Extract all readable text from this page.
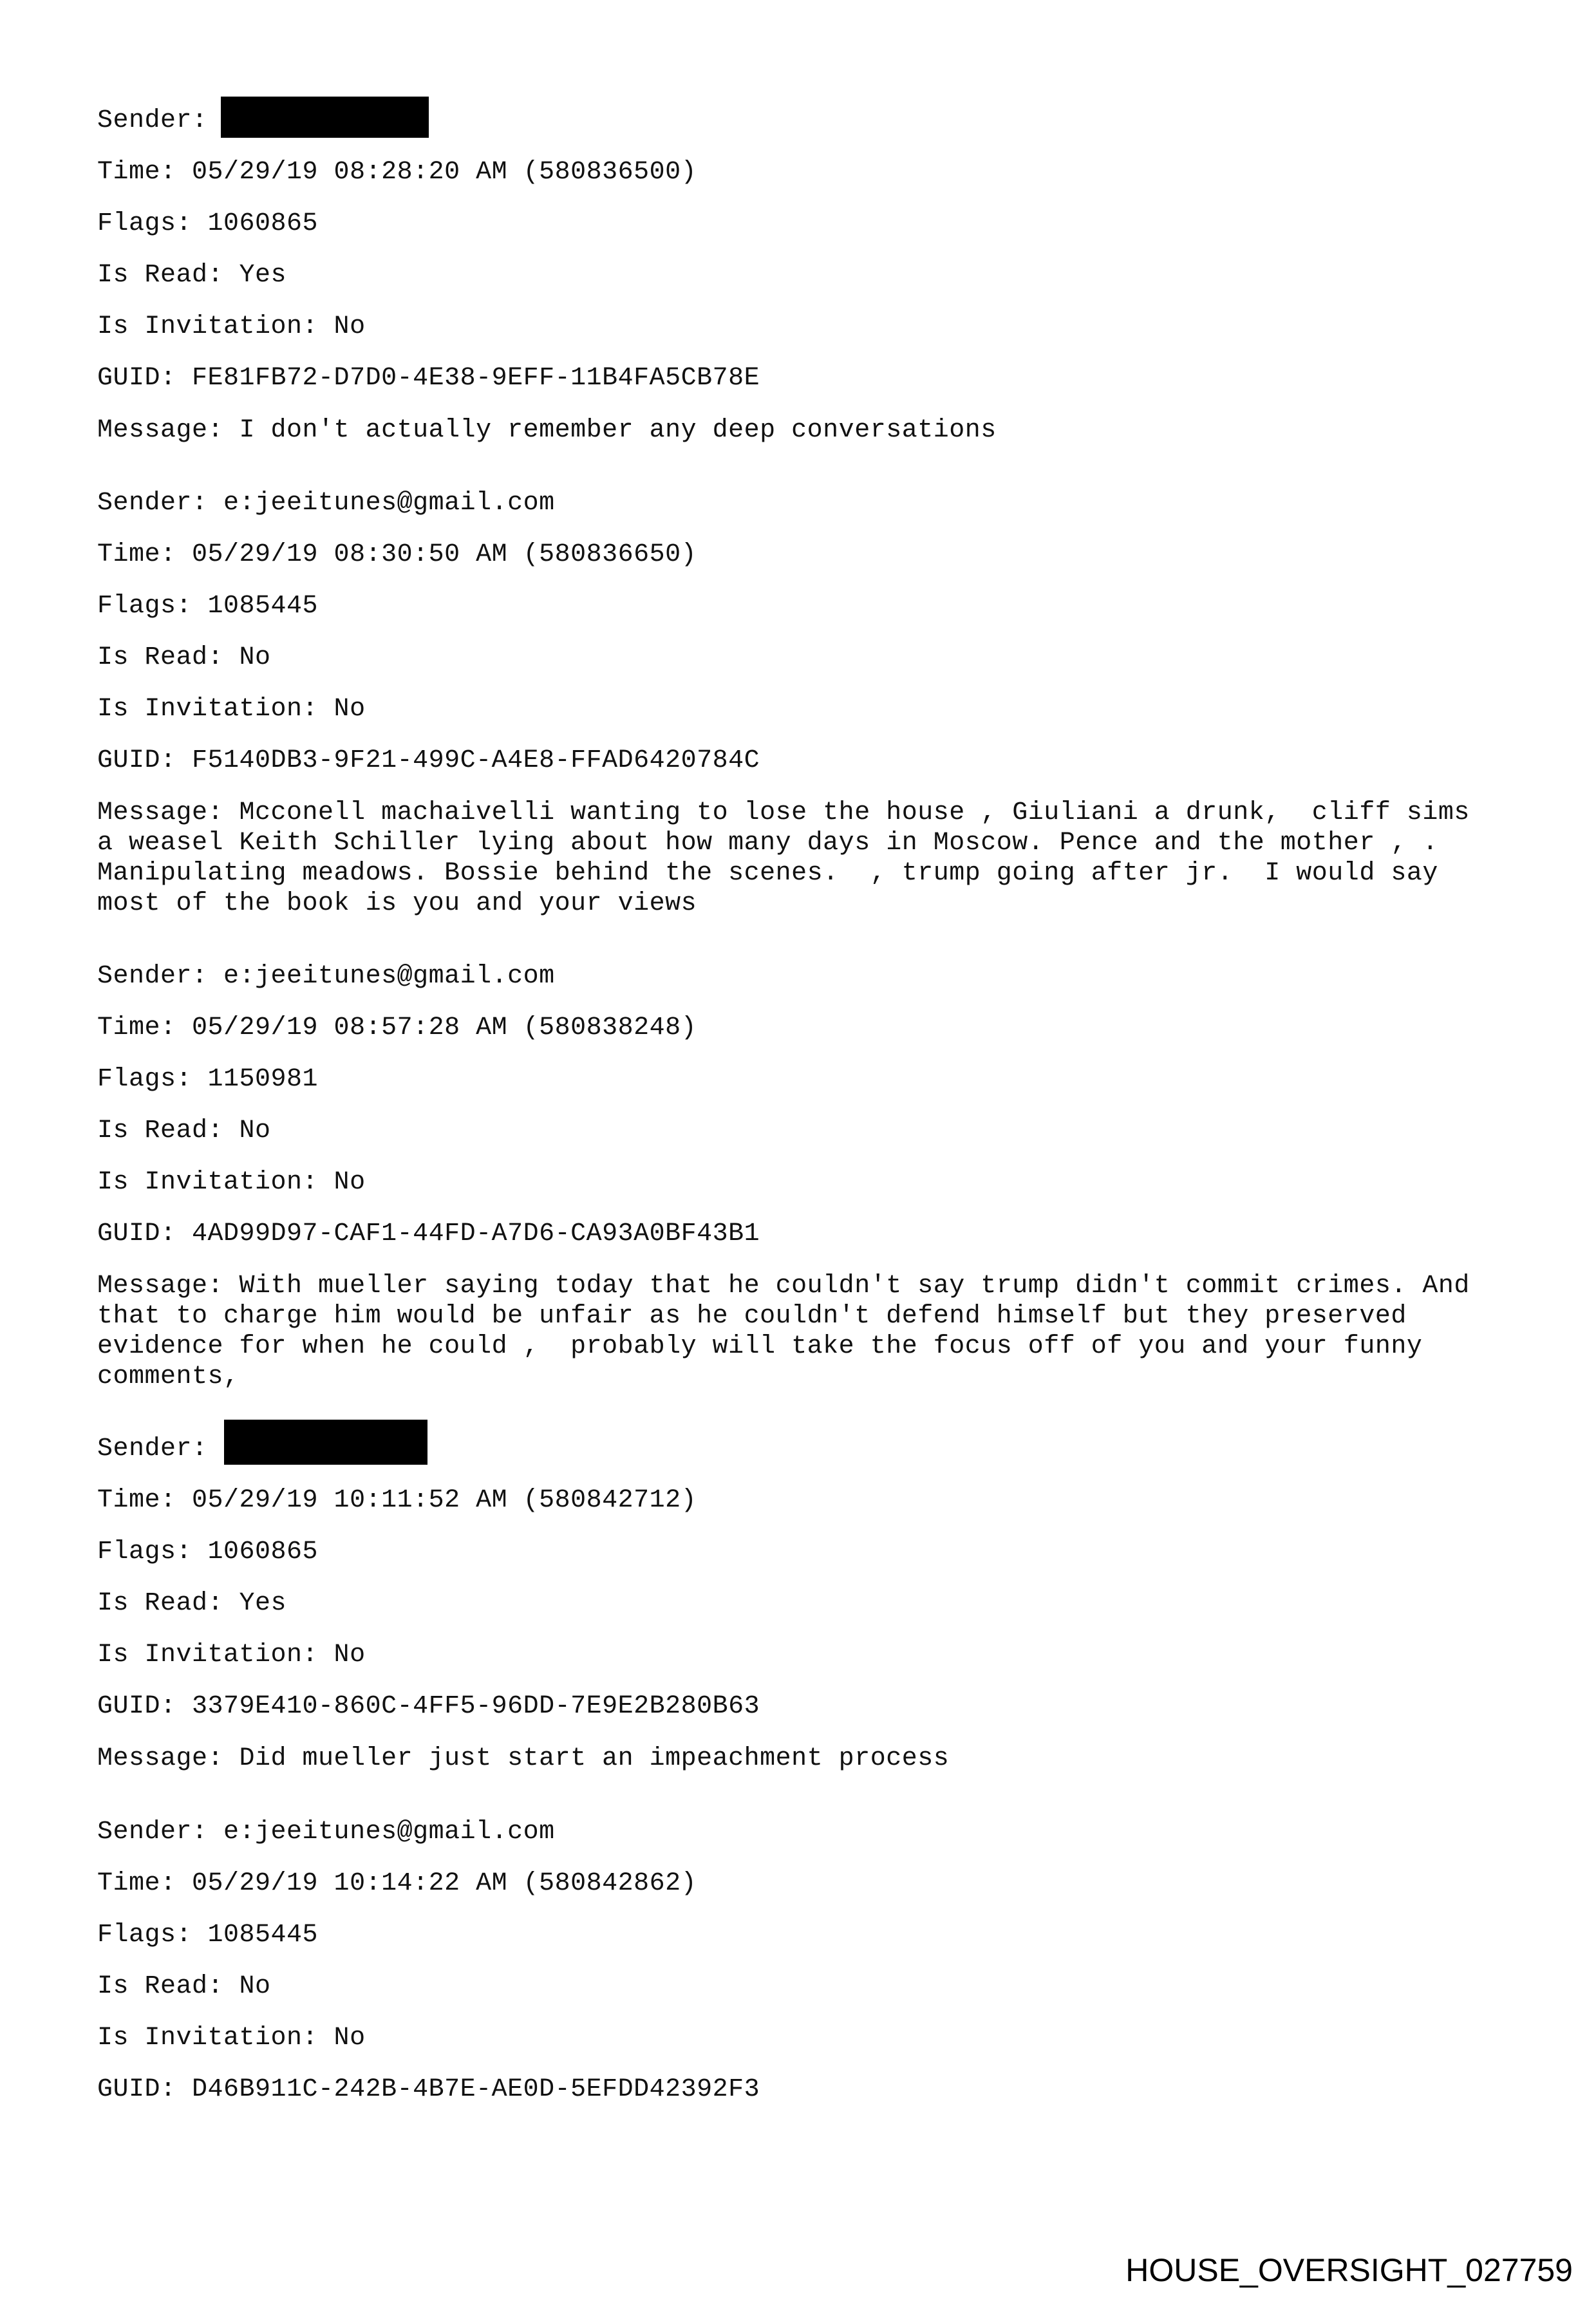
Sender:
Time: 05/29/19 08:28:20 AM (580836500)
Flags: 1060865
Is Read: Yes
Is Invitation: No
GUID: FE81FB72-D7D0-4E38-9EFF-11B4FA5CB78E
Message: I don't actually remember any deep conversations
Sender: e:jeeitunes@gmail.com
Time: 05/29/19 08:30:50 AM (580836650)
Flags: 1085445
Is Read: No
Is Invitation: No
GUID: F5140DB3-9F21-499C-A4E8-FFAD6420784C
Message: Mcconell machaivelli wanting to lose the house , Giuliani a drunk,  cliff sims
a weasel Keith Schiller lying about how many days in Moscow. Pence and the mother , .
Manipulating meadows. Bossie behind the scenes.  , trump going after jr.  I would say
most of the book is you and your views
Sender: e:jeeitunes@gmail.com
Time: 05/29/19 08:57:28 AM (580838248)
Flags: 1150981
Is Read: No
Is Invitation: No
GUID: 4AD99D97-CAF1-44FD-A7D6-CA93A0BF43B1
Message: With mueller saying today that he couldn't say trump didn't commit crimes. And
that to charge him would be unfair as he couldn't defend himself but they preserved
evidence for when he could ,  probably will take the focus off of you and your funny
comments,
Sender:
Time: 05/29/19 10:11:52 AM (580842712)
Flags: 1060865
Is Read: Yes
Is Invitation: No
GUID: 3379E410-860C-4FF5-96DD-7E9E2B280B63
Message: Did mueller just start an impeachment process
Sender: e:jeeitunes@gmail.com
Time: 05/29/19 10:14:22 AM (580842862)
Flags: 1085445
Is Read: No
Is Invitation: No
GUID: D46B911C-242B-4B7E-AE0D-5EFDD42392F3
HOUSE_OVERSIGHT_027759
